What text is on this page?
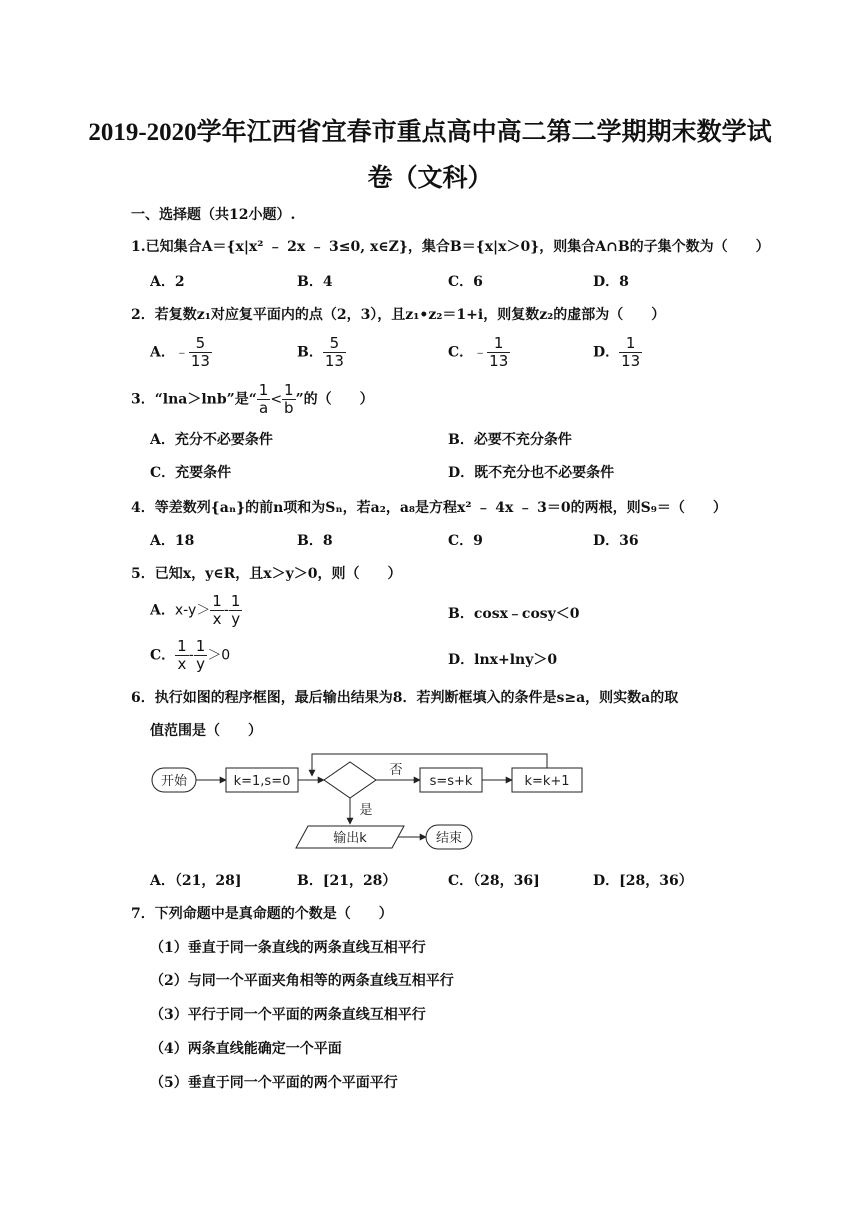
2019-2020学年江西省宜春市重点高中高二第二学期期末数学试
卷（文科）
一、选择题（共12小题）.
1.已知集合A＝{x|x² ﹣ 2x ﹣ 3≤0, x∈Z}，集合B＝{x|x＞0}，则集合A∩B的子集个数为（　　）
A．2	B．4	C．6	D．8
2．若复数z₁对应复平面内的点（2，3），且z₁•z₂＝1+i，则复数z₂的虚部为（　　）
A．﹣ $\frac{5}{13}$	B． $\frac{5}{13}$	C．﹣ $\frac{1}{13}$	D． $\frac{1}{13}$
3．“lna＞lnb”是“ $\frac{1}{a} < \frac{1}{b}$ ”的（　　）
A．充分不必要条件	B．必要不充分条件
C．充要条件	D．既不充分也不必要条件
4．等差数列{aₙ}的前n项和为Sₙ，若a₂，a₈是方程x² ﹣ 4x ﹣ 3＝0的两根，则S₉＝（　　）
A．18	B．8	C．9	D．36
5．已知x，y∈R，且x＞y＞0，则（　　）
A．$x-y> \frac{1}{x} - \frac{1}{y}$	B．cosx﹣cosy＜0
C． $\frac{1}{x} - \frac{1}{y} >0$	D．lnx+lny＞0
6．执行如图的程序框图，最后输出结果为8．若判断框填入的条件是s≥a，则实数a的取
值范围是（　　）
开始	k=1,s=0
否
s=s+k	k=k+1
是
输出k	结束
A．（21，28]	B．[21，28）	C．（28，36]	D．[28，36）
7．下列命题中是真命题的个数是（　　）
（1）垂直于同一条直线的两条直线互相平行
（2）与同一个平面夹角相等的两条直线互相平行
（3）平行于同一个平面的两条直线互相平行
（4）两条直线能确定一个平面
（5）垂直于同一个平面的两个平面平行
